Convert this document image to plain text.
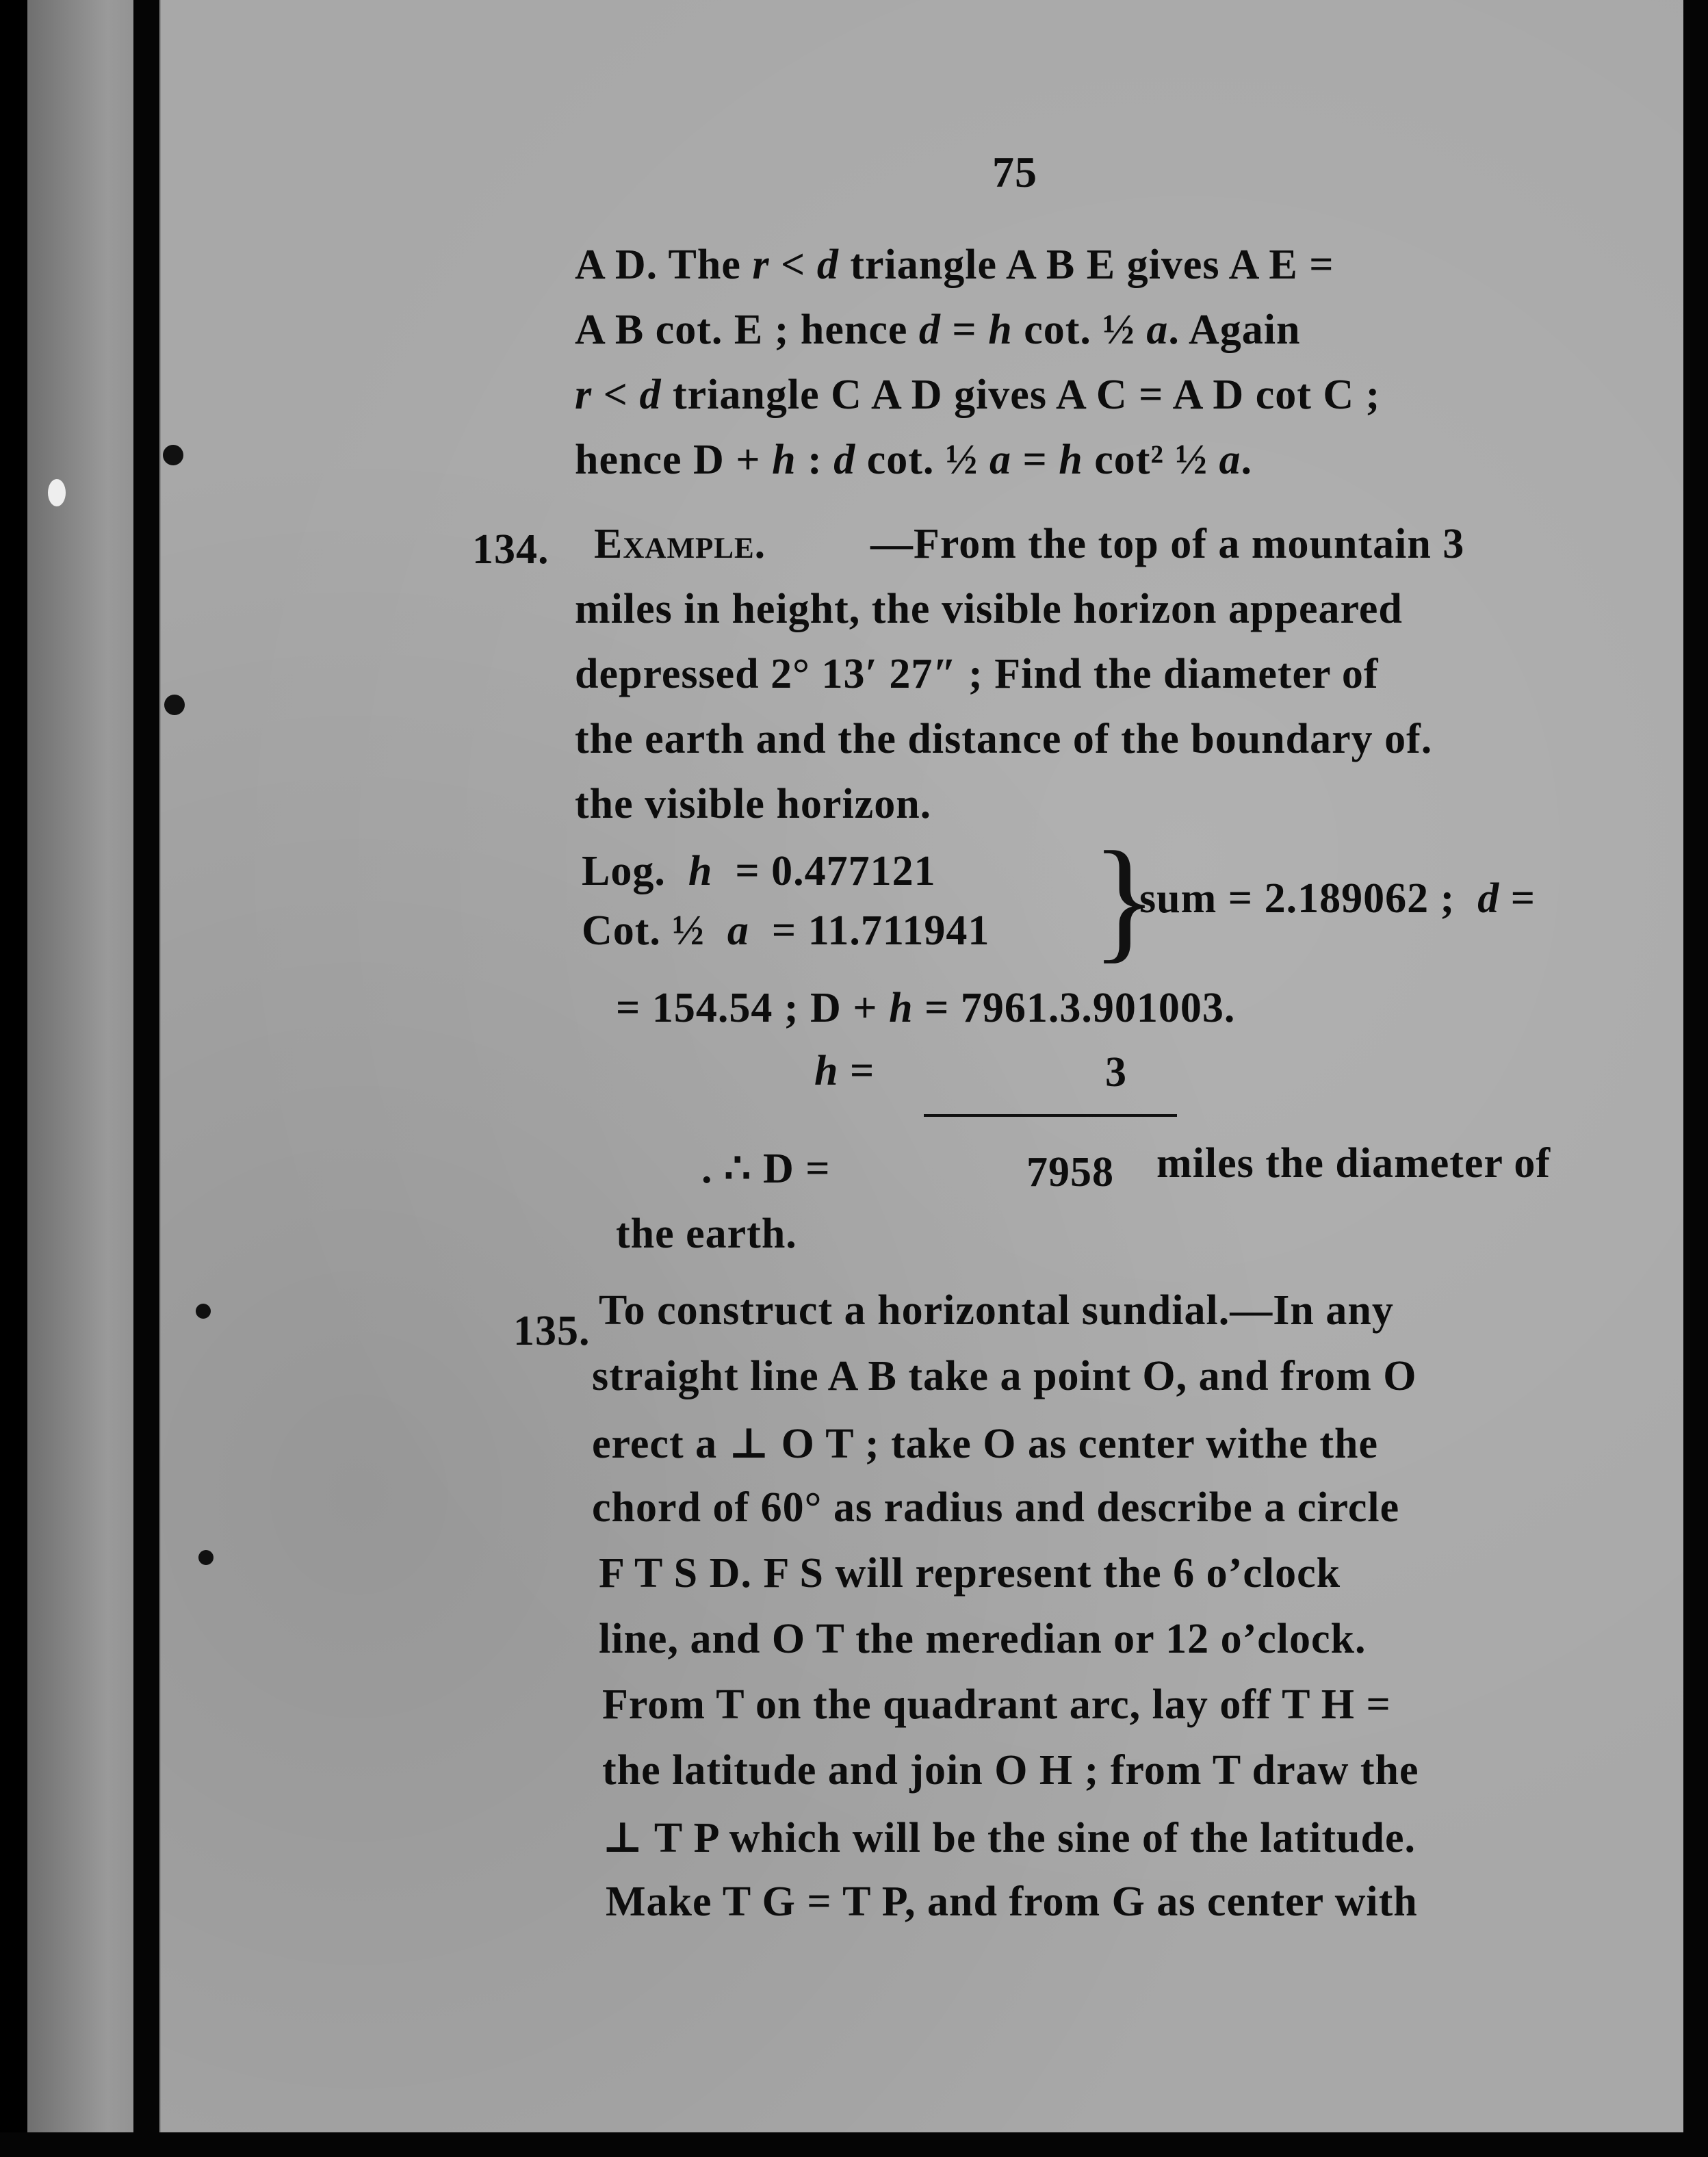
75
134. Example.
Log. h = 0.477121
Cot. ½ a = 11.711941 }
sum = 2.189062 ; d =
= 154.54 ; D + h = 7961.3.901003.
h =	3
. ∴ D =	7958 miles the diameter of
the earth.
135.
A D. The r < d triangle A B E gives A E =
A B cot. E ; hence d = h cot. ½ a. Again
r < d triangle C A D gives A C = A D cot C ;
hence D + h : d cot. ½ a = h cot² ½ a.
—From the top of a mountain 3
miles in height, the visible horizon appeared
depressed 2° 13′ 27″ ; Find the diameter of
the earth and the distance of the boundary of.
the visible horizon.
To construct a horizontal sundial.—In any
straight line A B take a point O, and from O
erect a ⊥ O T ; take O as center withe the
chord of 60° as radius and describe a circle
F T S D. F S will represent the 6 o’clock
line, and O T the meredian or 12 o’clock.
From T on the quadrant arc, lay off T H =
the latitude and join O H ; from T draw the
⊥ T P which will be the sine of the latitude.
Make T G = T P, and from G as center with
